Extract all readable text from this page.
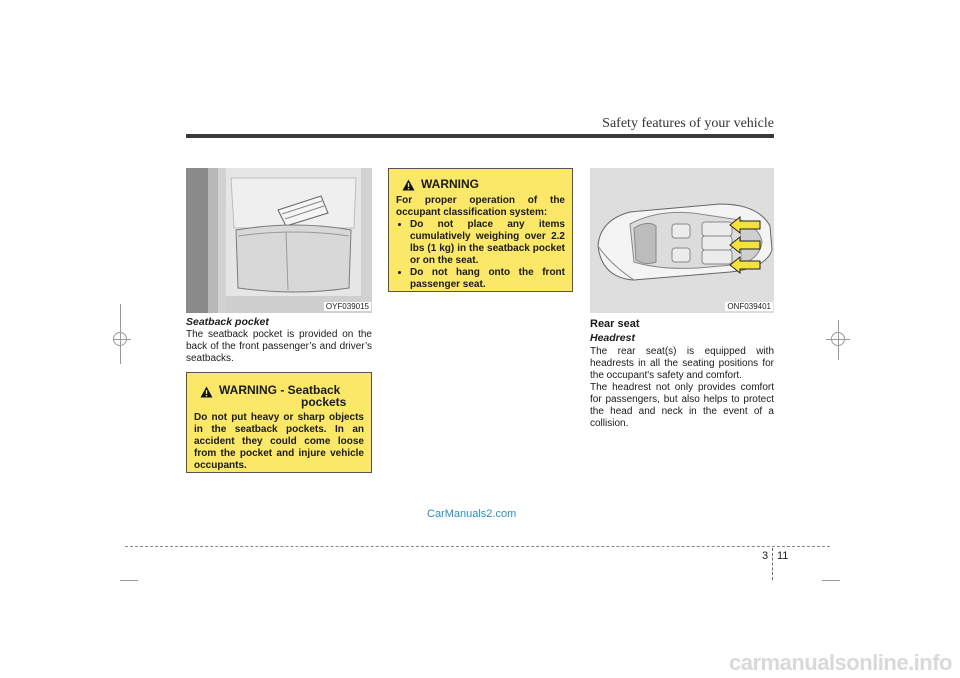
Safety features of your vehicle
OYF039015
Seatback pocket
The seatback pocket is provided on the back of the front passenger’s and driver’s seatbacks.
WARNING - Seatback
pockets
Do not put heavy or sharp objects in the seatback pockets. In an accident they could come loose from the pocket and injure vehicle occupants.
WARNING
For proper operation of the occupant classification system:
• Do not place any items cumulatively weighing over 2.2 lbs (1 kg) in the seatback pocket or on the seat.
• Do not hang onto the front passenger seat.
ONF039401
Rear seat
Headrest
The rear seat(s) is equipped with headrests in all the seating positions for the occupant's safety and comfort.
The headrest not only provides comfort for passengers, but also helps to protect the head and neck in the event of a collision.
CarManuals2.com
3 11
carmanualsonline.info
